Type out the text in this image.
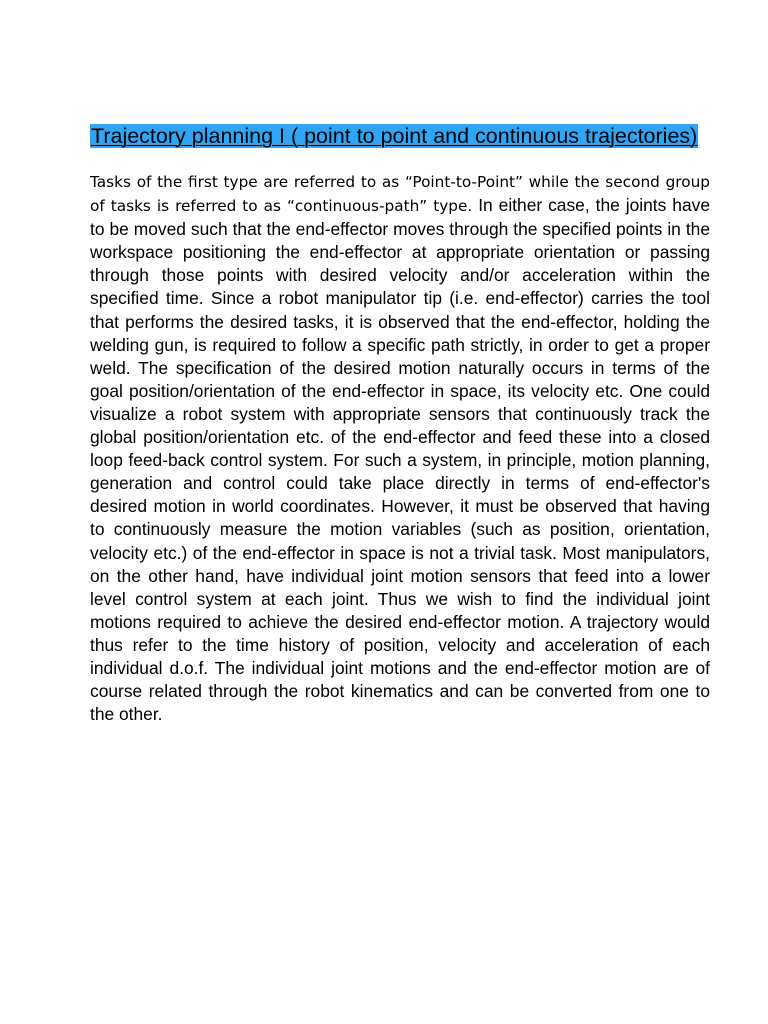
Trajectory planning I ( point to point and continuous trajectories)

Tasks of the first type are referred to as “Point-to-Point” while the second group of tasks is referred to as “continuous-path” type. In either case, the joints have to be moved such that the end-effector moves through the specified points in the workspace positioning the end-effector at appropriate orientation or passing through those points with desired velocity and/or acceleration within the specified time. Since a robot manipulator tip (i.e. end-effector) carries the tool that performs the desired tasks, it is observed that the end-effector, holding the welding gun, is required to follow a specific path strictly, in order to get a proper weld. The specification of the desired motion naturally occurs in terms of the goal position/orientation of the end-effector in space, its velocity etc. One could visualize a robot system with appropriate sensors that continuously track the global position/orientation etc. of the end-effector and feed these into a closed loop feed-back control system. For such a system, in principle, motion planning, generation and control could take place directly in terms of end-effector's desired motion in world coordinates. However, it must be observed that having to continuously measure the motion variables (such as position, orientation, velocity etc.) of the end-effector in space is not a trivial task. Most manipulators, on the other hand, have individual joint motion sensors that feed into a lower level control system at each joint. Thus we wish to find the individual joint motions required to achieve the desired end-effector motion. A trajectory would thus refer to the time history of position, velocity and acceleration of each individual d.o.f. The individual joint motions and the end-effector motion are of course related through the robot kinematics and can be converted from one to the other.
